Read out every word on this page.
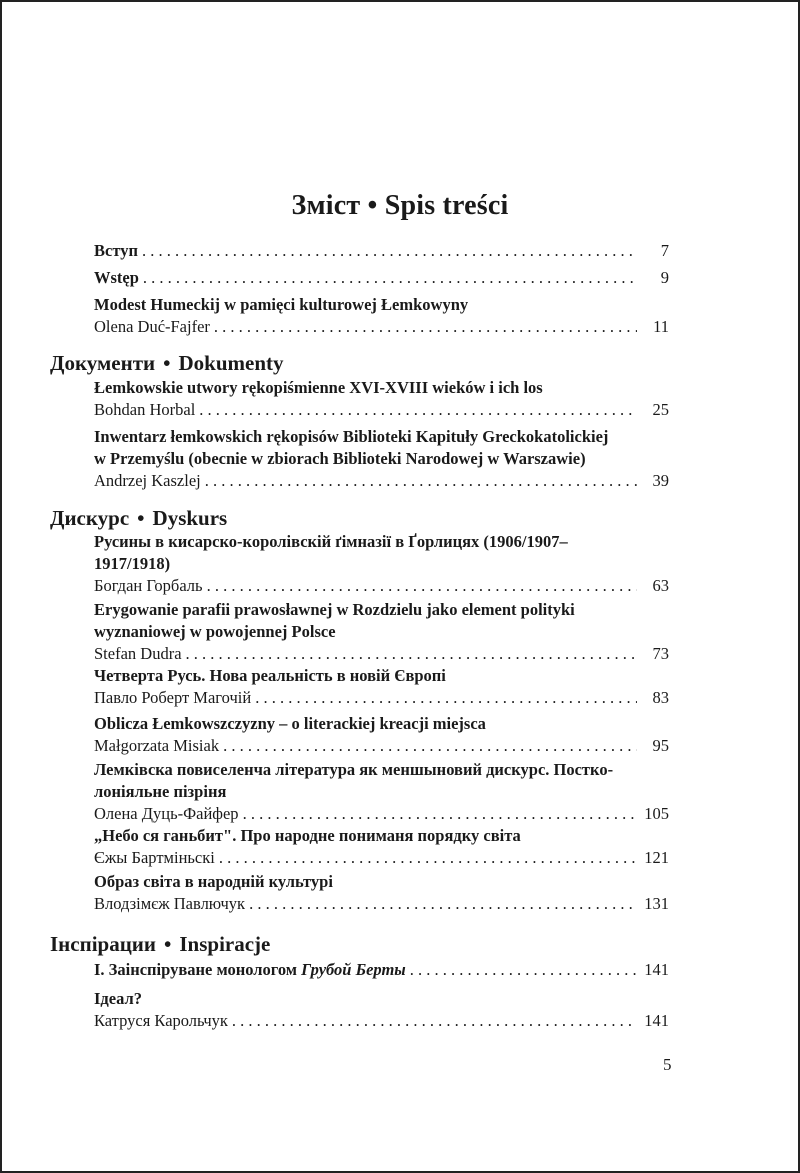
Зміст • Spis treści
Вступ . . .	7
Wstęp . . .	9
Modest Humeckij w pamięci kulturowej Łemkowyny
Olena Duć-Fajfer . . .	11
Документи • Dokumenty
Łemkowskie utwory rękopiśmienne XVI-XVIII wieków i ich los
Bohdan Horbal . . .	25
Inwentarz łemkowskich rękopisów Biblioteki Kapituły Greckokatolickiej
w Przemyślu (obecnie w zbiorach Biblioteki Narodowej w Warszawie)
Andrzej Kaszlej . . .	39
Дискурс • Dyskurs
Русины в кисарско-королівскій ґімназії в Ґорлицях (1906/1907–
1917/1918)
Богдан Горбаль . . .	63
Erygowanie parafii prawosławnej w Rozdzielu jako element polityki
wyznaniowej w powojennej Polsce
Stefan Dudra . . .	73
Четверта Русь. Нова реальність в новій Європі
Павло Роберт Магочій . . .	83
Oblicza Łemkowszczyzny – o literackiej kreacji miejsca
Małgorzata Misiak . . .	95
Лемківска повиселенча література як меншыновий дискурс. Постко-
лоніяльне пізріня
Олена Дуць-Файфер . . .	105
„Небо ся ганьбит". Про народне пониманя порядку світа
Єжы Бартміньскі . . .	121
Образ світа в народній культурі
Влодзімєж Павлючук . . .	131
Інспірации • Inspiracje
I. Заінспіруване монологом Грубой Берты . . .	141
Ідеал?
Катруся Карольчук . . .	141
5
